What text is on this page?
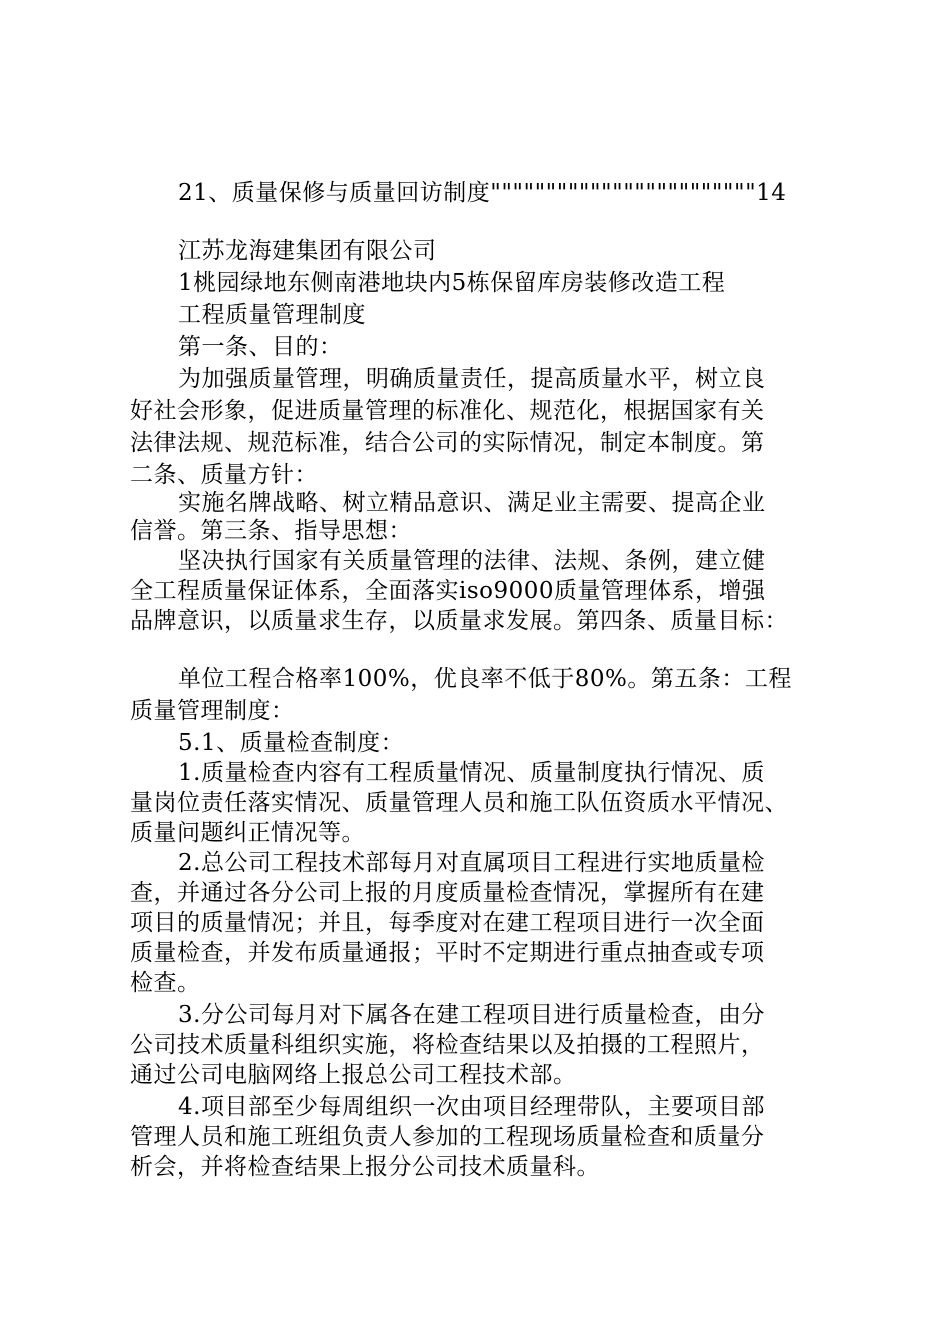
21、质量保修与质量回访制度""""""""""""""""""""""""14
江苏龙海建集团有限公司
1桃园绿地东侧南港地块内5栋保留库房装修改造工程
工程质量管理制度
第一条、目的：
为加强质量管理，明确质量责任，提高质量水平，树立良
好社会形象，促进质量管理的标准化、规范化，根据国家有关
法律法规、规范标准，结合公司的实际情况，制定本制度。第
二条、质量方针：
实施名牌战略、树立精品意识、满足业主需要、提高企业
信誉。第三条、指导思想：
坚决执行国家有关质量管理的法律、法规、条例，建立健
全工程质量保证体系，全面落实iso9000质量管理体系，增强
品牌意识，以质量求生存，以质量求发展。第四条、质量目标：
单位工程合格率100%，优良率不低于80%。第五条：工程
质量管理制度：
5.1、质量检查制度：
1.质量检查内容有工程质量情况、质量制度执行情况、质
量岗位责任落实情况、质量管理人员和施工队伍资质水平情况、
质量问题纠正情况等。
2.总公司工程技术部每月对直属项目工程进行实地质量检
查，并通过各分公司上报的月度质量检查情况，掌握所有在建
项目的质量情况；并且，每季度对在建工程项目进行一次全面
质量检查，并发布质量通报；平时不定期进行重点抽查或专项
检查。
3.分公司每月对下属各在建工程项目进行质量检查，由分
公司技术质量科组织实施，将检查结果以及拍摄的工程照片，
通过公司电脑网络上报总公司工程技术部。
4.项目部至少每周组织一次由项目经理带队，主要项目部
管理人员和施工班组负责人参加的工程现场质量检查和质量分
析会，并将检查结果上报分公司技术质量科。
